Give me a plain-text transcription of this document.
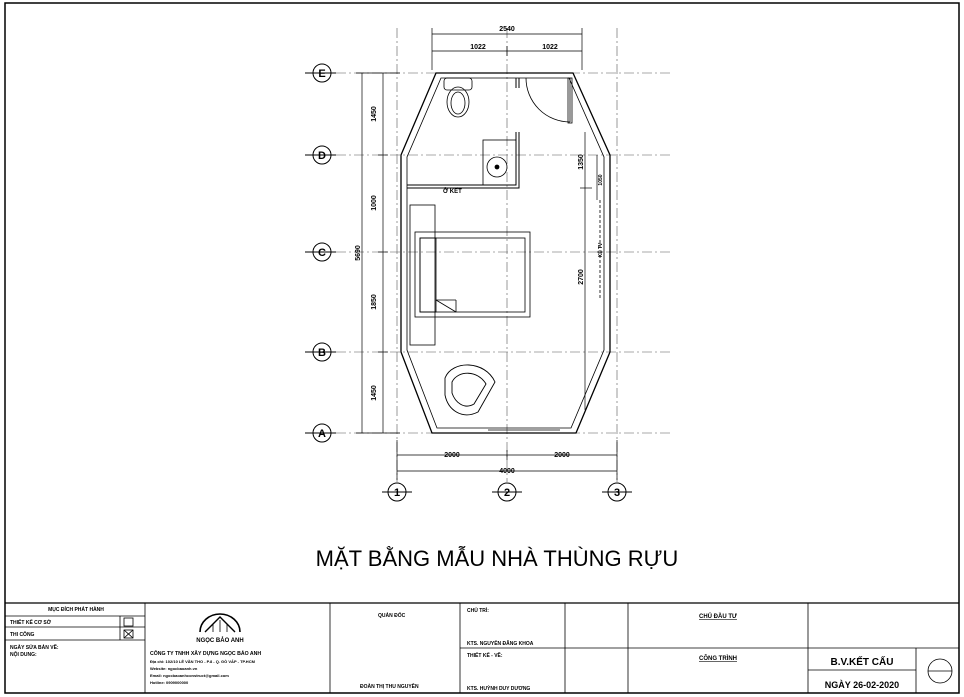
E
D
C
B
A
1	2	3
Ở KẾT
2540
1022	1022
2000	2000
4000
1450
1000
5690
1850
1450
1350
1050
2700
KỆ TV
MẶT BẰNG MẪU NHÀ THÙNG RỰU
MỤC ĐÍCH PHÁT HÀNH
THIẾT KẾ CƠ SỞ
THI CÔNG
NGÀY SỬA BẢN VẼ:
NỘI DUNG:
NGỌC BẢO ANH
CÔNG TY TNHH XÂY DỰNG NGỌC BẢO ANH
Địa chỉ: 102/10 LÊ VĂN THO - P.8 - Q. GÒ VẤP - TP.HCM
Website: ngocbaoanh.vn
Email: ngocbaoanhconstruct@gmail.com
Hotline: 0909000000
QUẢN ĐỐC
ĐOÀN THỊ THU NGUYÊN
CHỦ TRÌ:
KTS. NGUYỄN ĐĂNG KHOA
THIẾT KẾ - VẼ:
KTS. HUỲNH DUY DƯƠNG
CHỦ ĐẦU TƯ
CÔNG TRÌNH	B.V.KẾT CẤU
NGÀY 26-02-2020
